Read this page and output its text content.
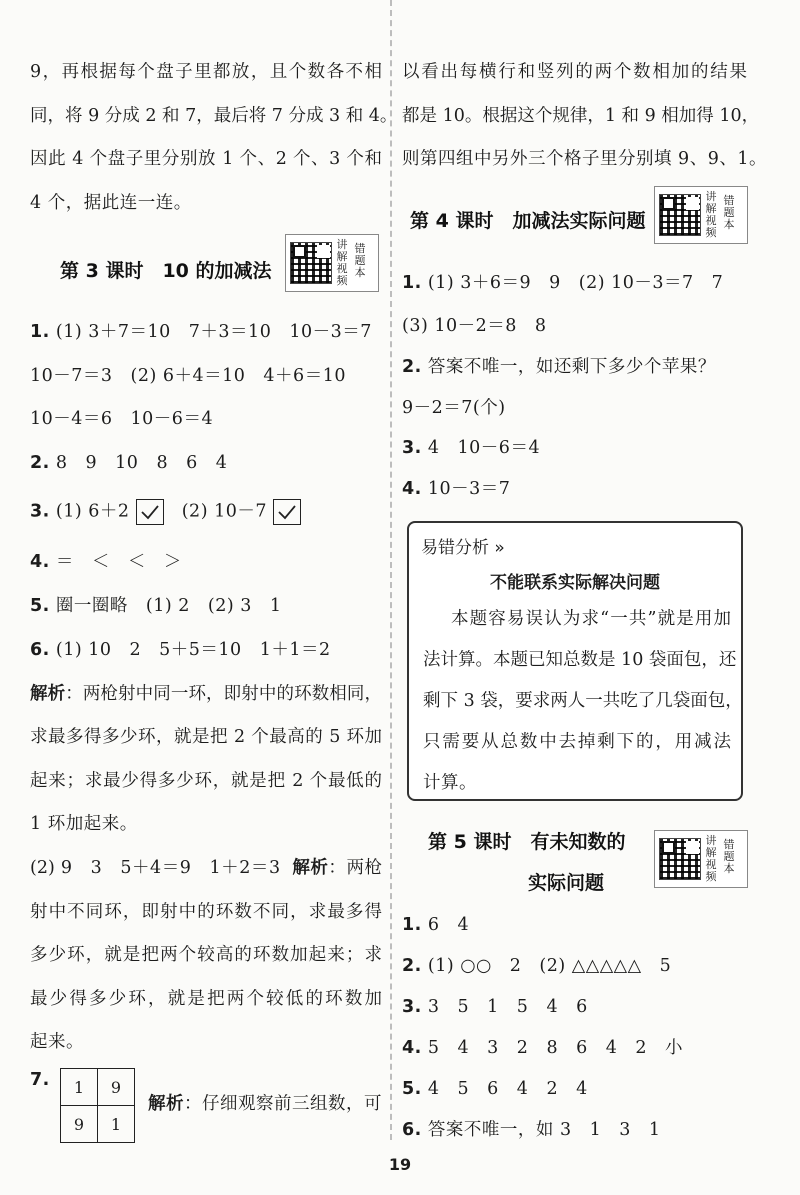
9，再根据每个盘子里都放，且个数各不相
同，将 9 分成 2 和 7，最后将 7 分成 3 和 4。
因此 4 个盘子里分别放 1 个、2 个、3 个和
4 个，据此连一连。
第 3 课时　10 的加减法
1. (1) 3＋7＝10　7＋3＝10　10－3＝7
10－7＝3　(2) 6＋4＝10　4＋6＝10
10－4＝6　10－6＝4
2. 8　9　10　8　6　4
3. (1) 6＋2	(2) 10－7
4. ＝　＜　＜　＞
5. 圈一圈略　(1) 2　(2) 3　1
6. (1) 10　2　5＋5＝10　1＋1＝2
解析：两枪射中同一环，即射中的环数相同，
求最多得多少环，就是把 2 个最高的 5 环加
起来；求最少得多少环，就是把 2 个最低的
1 环加起来。
(2) 9　3　5＋4＝9　1＋2＝3 解析：两枪
射中不同环，即射中的环数不同，求最多得
多少环，就是把两个较高的环数加起来；求
最少得多少环，就是把两个较低的环数加
起来。
7. 1	9
9	1
解析：仔细观察前三组数，可
讲
解
视
频
错
题
本
以看出每横行和竖列的两个数相加的结果
都是 10。根据这个规律，1 和 9 相加得 10，
则第四组中另外三个格子里分别填 9、9、1。
第 4 课时　加减法实际问题
1. (1) 3＋6＝9　9　(2) 10－3＝7　7
(3) 10－2＝8　8
2. 答案不唯一，如还剩下多少个苹果？
9－2＝7(个)
3. 4　10－6＝4
4. 10－3＝7
讲
解
视
频
错
题
本
易错分析 »
不能联系实际解决问题
本题容易误认为求“一共”就是用加
法计算。本题已知总数是 10 袋面包，还
剩下 3 袋，要求两人一共吃了几袋面包，
只需要从总数中去掉剩下的，用减法
计算。
第 5 课时　有未知数的
实际问题
讲
解
视
频
错
题
本
1. 6　4
2. (1) ○○　2　(2) △△△△△　5
3. 3　5　1　5　4　6
4. 5　4　3　2　8　6　4　2　小
5. 4　5　6　4　2　4
6. 答案不唯一，如 3　1　3　1
19
